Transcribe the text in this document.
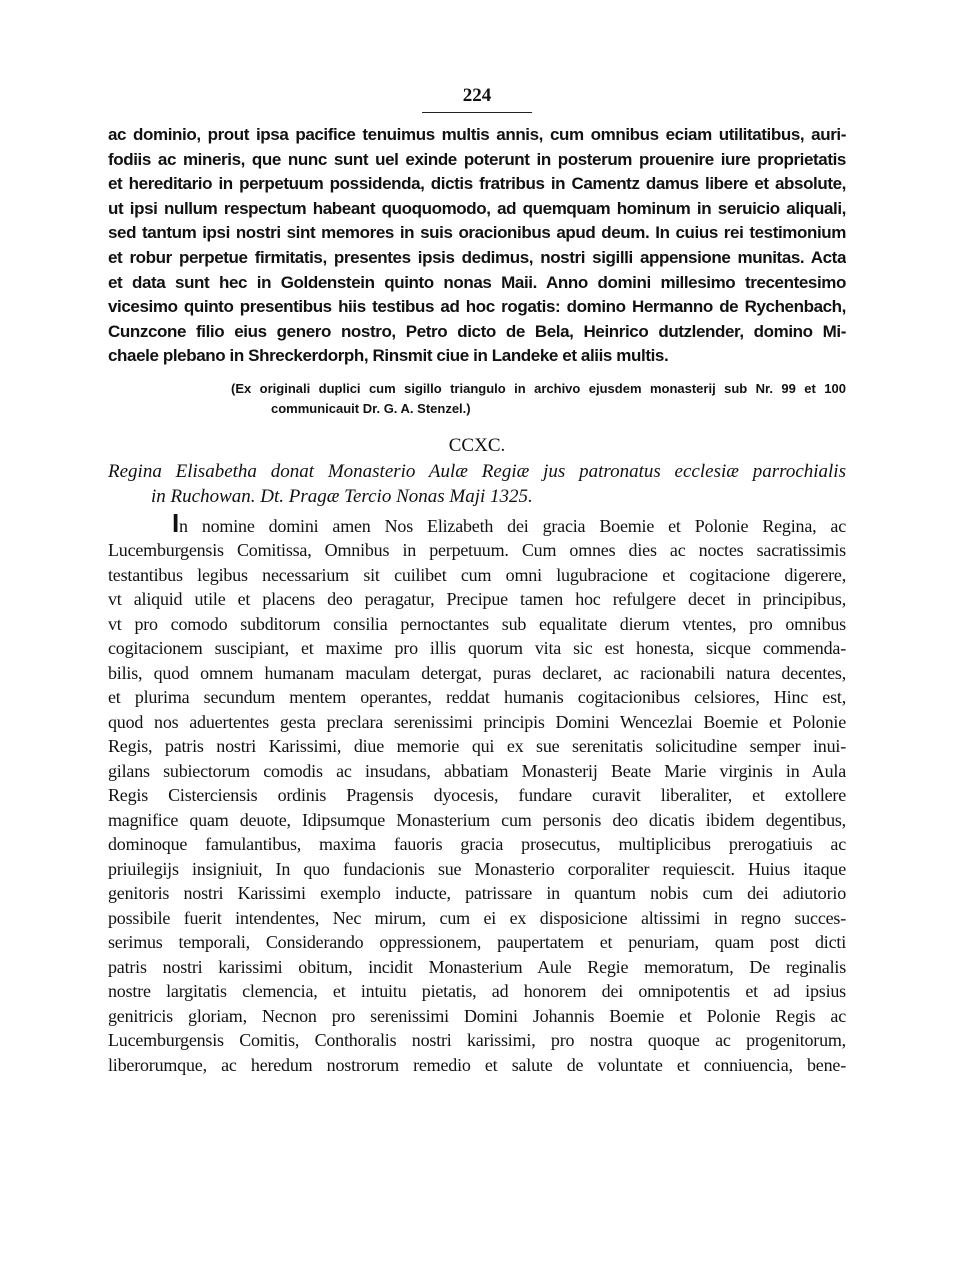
224
ac dominio, prout ipsa pacifice tenuimus multis annis, cum omnibus eciam utilitatibus, auri-
fodiis ac mineris, que nunc sunt uel exinde poterunt in posterum prouenire iure proprietatis
et hereditario in perpetuum possidenda, dictis fratribus in Camentz damus libere et absolute,
ut ipsi nullum respectum habeant quoquomodo, ad quemquam hominum in seruicio aliquali,
sed tantum ipsi nostri sint memores in suis oracionibus apud deum. In cuius rei testimonium
et robur perpetue firmitatis, presentes ipsis dedimus, nostri sigilli appensione munitas. Acta
et data sunt hec in Goldenstein quinto nonas Maii. Anno domini millesimo trecentesimo
vicesimo quinto presentibus hiis testibus ad hoc rogatis: domino Hermanno de Rychenbach,
Cunzcone filio eius genero nostro, Petro dicto de Bela, Heinrico dutzlender, domino Mi-
chaele plebano in Shreckerdorph, Rinsmit ciue in Landeke et aliis multis.
(Ex originali duplici cum sigillo triangulo in archivo ejusdem monasterij sub Nr. 99 et 100
communicauit Dr. G. A. Stenzel.)
CCXC.
Regina Elisabetha donat Monasterio Aulæ Regiæ jus patronatus ecclesiæ parrochialis
in Ruchowan. Dt. Pragæ Tercio Nonas Maji 1325.
In nomine domini amen Nos Elizabeth dei gracia Boemie et Polonie Regina, ac
Lucemburgensis Comitissa, Omnibus in perpetuum. Cum omnes dies ac noctes sacratissimis
testantibus legibus necessarium sit cuilibet cum omni lugubracione et cogitacione digerere,
vt aliquid utile et placens deo peragatur, Precipue tamen hoc refulgere decet in principibus,
vt pro comodo subditorum consilia pernoctantes sub equalitate dierum vtentes, pro omnibus
cogitacionem suscipiant, et maxime pro illis quorum vita sic est honesta, sicque commenda-
bilis, quod omnem humanam maculam detergat, puras declaret, ac racionabili natura decentes,
et plurima secundum mentem operantes, reddat humanis cogitacionibus celsiores, Hinc est,
quod nos aduertentes gesta preclara serenissimi principis Domini Wencezlai Boemie et Polonie
Regis, patris nostri Karissimi, diue memorie qui ex sue serenitatis solicitudine semper inui-
gilans subiectorum comodis ac insudans, abbatiam Monasterij Beate Marie virginis in Aula
Regis Cisterciensis ordinis Pragensis dyocesis, fundare curavit liberaliter, et extollere
magnifice quam deuote, Idipsumque Monasterium cum personis deo dicatis ibidem degentibus,
dominoque famulantibus, maxima fauoris gracia prosecutus, multiplicibus prerogatiuis ac
priuilegijs insigniuit, In quo fundacionis sue Monasterio corporaliter requiescit. Huius itaque
genitoris nostri Karissimi exemplo inducte, patrissare in quantum nobis cum dei adiutorio
possibile fuerit intendentes, Nec mirum, cum ei ex disposicione altissimi in regno succes-
serimus temporali, Considerando oppressionem, paupertatem et penuriam, quam post dicti
patris nostri karissimi obitum, incidit Monasterium Aule Regie memoratum, De reginalis
nostre largitatis clemencia, et intuitu pietatis, ad honorem dei omnipotentis et ad ipsius
genitricis gloriam, Necnon pro serenissimi Domini Johannis Boemie et Polonie Regis ac
Lucemburgensis Comitis, Conthoralis nostri karissimi, pro nostra quoque ac progenitorum,
liberorumque, ac heredum nostrorum remedio et salute de voluntate et conniuencia, bene-
